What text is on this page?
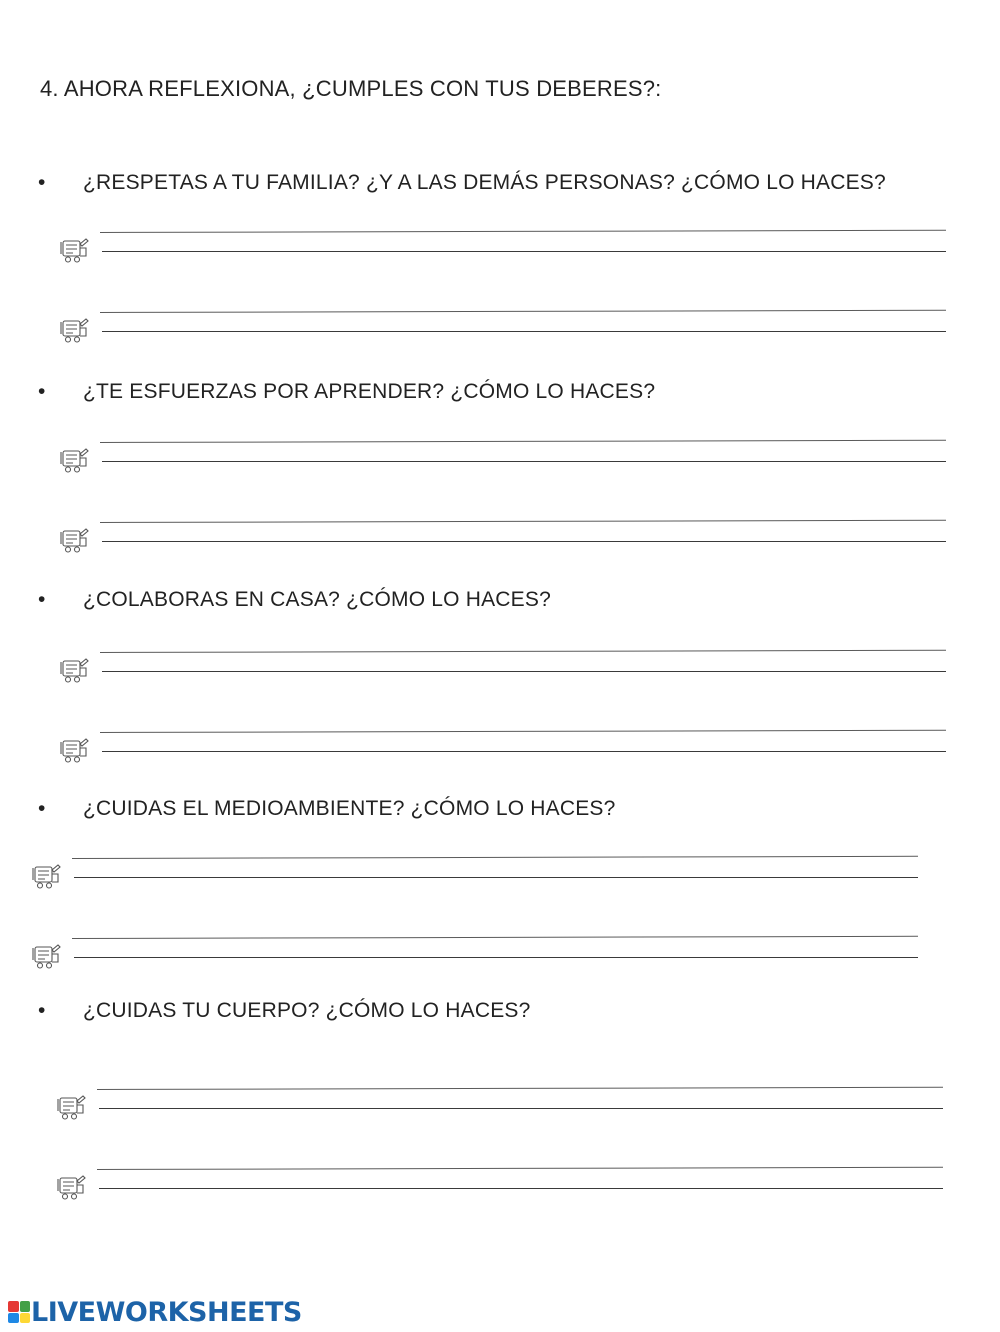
4. AHORA REFLEXIONA, ¿CUMPLES CON TUS DEBERES?:
• ¿RESPETAS A TU FAMILIA? ¿Y A LAS DEMÁS PERSONAS? ¿CÓMO LO HACES?
• ¿TE ESFUERZAS POR APRENDER? ¿CÓMO LO HACES?
• ¿COLABORAS EN CASA? ¿CÓMO LO HACES?
• ¿CUIDAS EL MEDIOAMBIENTE? ¿CÓMO LO HACES?
• ¿CUIDAS TU CUERPO? ¿CÓMO LO HACES?
LIVEWORKSHEETS
